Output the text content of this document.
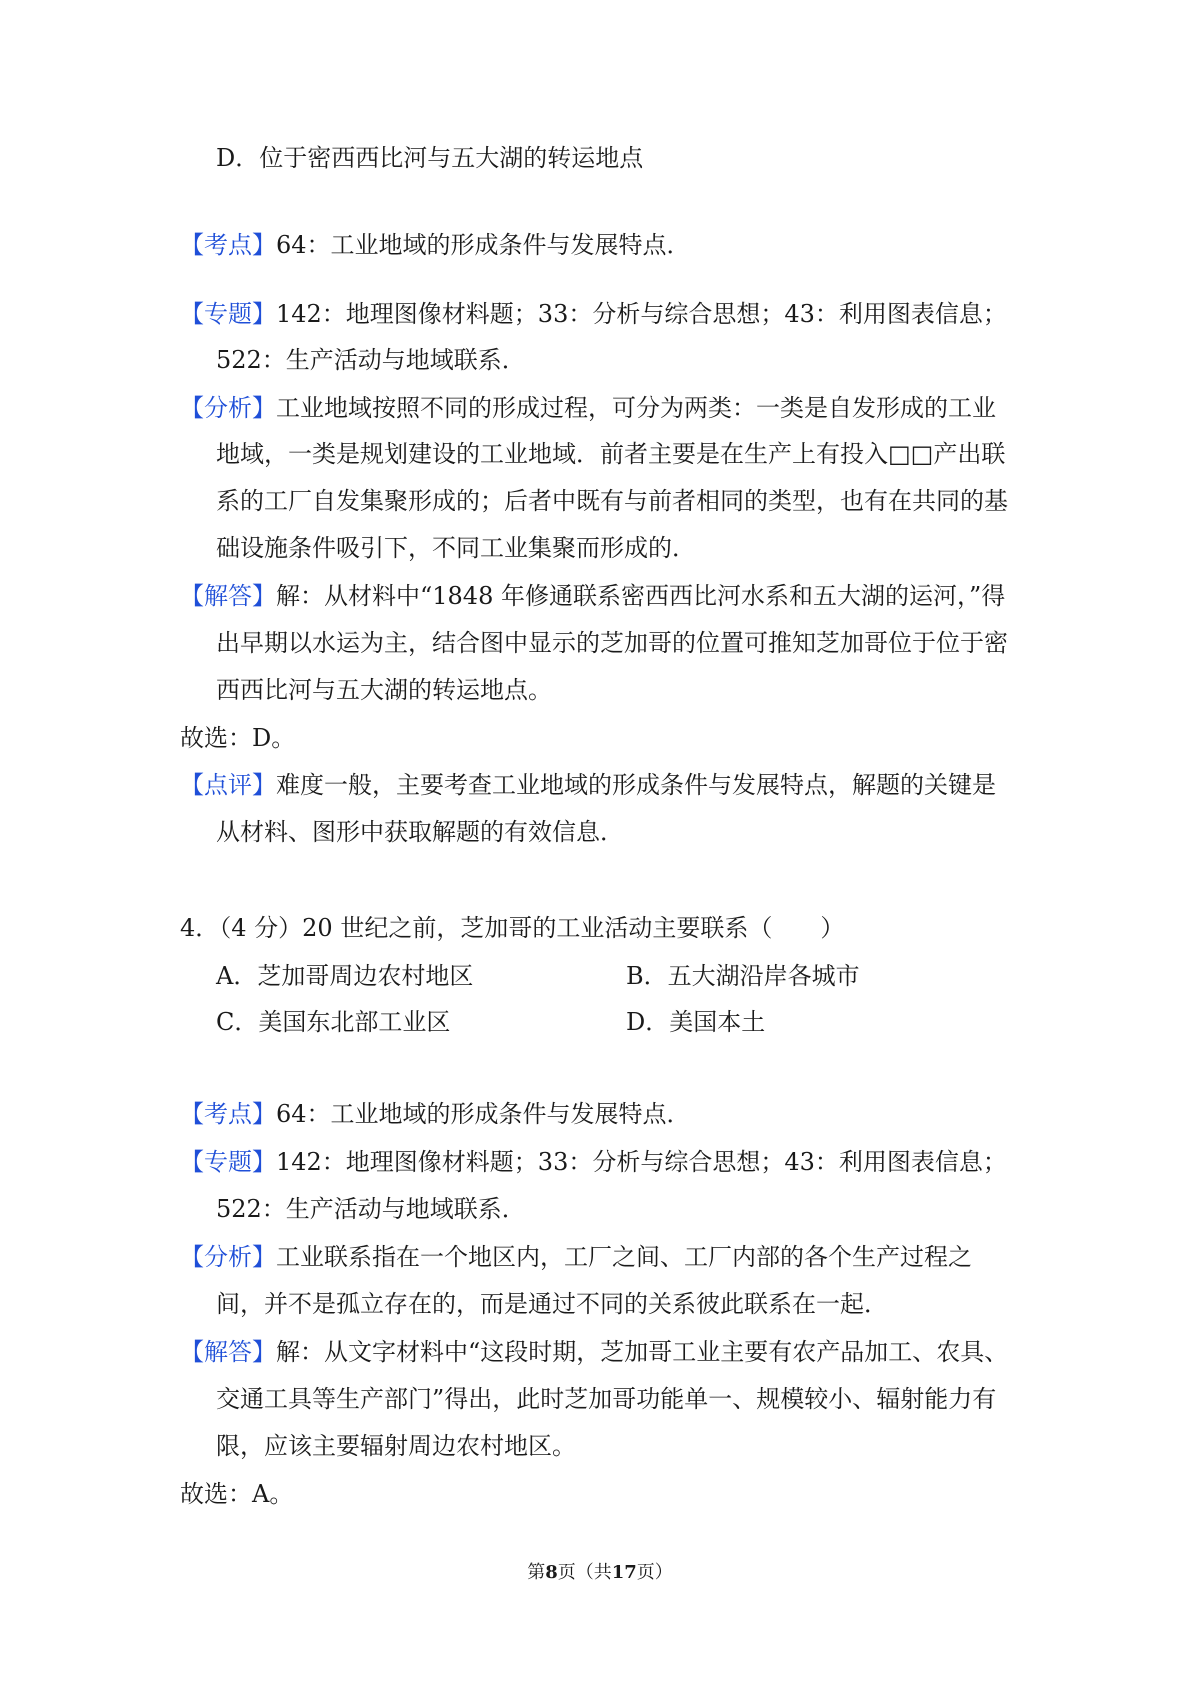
D．位于密西西比河与五大湖的转运地点
【考点】64：工业地域的形成条件与发展特点．
【专题】142：地理图像材料题；33：分析与综合思想；43：利用图表信息；
522：生产活动与地域联系．
【分析】工业地域按照不同的形成过程，可分为两类：一类是自发形成的工业
地域，一类是规划建设的工业地域．前者主要是在生产上有投入□□产出联
系的工厂自发集聚形成的；后者中既有与前者相同的类型，也有在共同的基
础设施条件吸引下，不同工业集聚而形成的．
【解答】解：从材料中“1848 年修通联系密西西比河水系和五大湖的运河，”得
出早期以水运为主，结合图中显示的芝加哥的位置可推知芝加哥位于位于密
西西比河与五大湖的转运地点。
故选：D。
【点评】难度一般，主要考查工业地域的形成条件与发展特点，解题的关键是
从材料、图形中获取解题的有效信息．
4．（4 分）20 世纪之前，芝加哥的工业活动主要联系（　　）
A．芝加哥周边农村地区	B．五大湖沿岸各城市
C．美国东北部工业区	D．美国本土
【考点】64：工业地域的形成条件与发展特点．
【专题】142：地理图像材料题；33：分析与综合思想；43：利用图表信息；
522：生产活动与地域联系．
【分析】工业联系指在一个地区内，工厂之间、工厂内部的各个生产过程之
间，并不是孤立存在的，而是通过不同的关系彼此联系在一起．
【解答】解：从文字材料中“这段时期，芝加哥工业主要有农产品加工、农具、
交通工具等生产部门”得出，此时芝加哥功能单一、规模较小、辐射能力有
限，应该主要辐射周边农村地区。
故选：A。
第8页（共17页）
